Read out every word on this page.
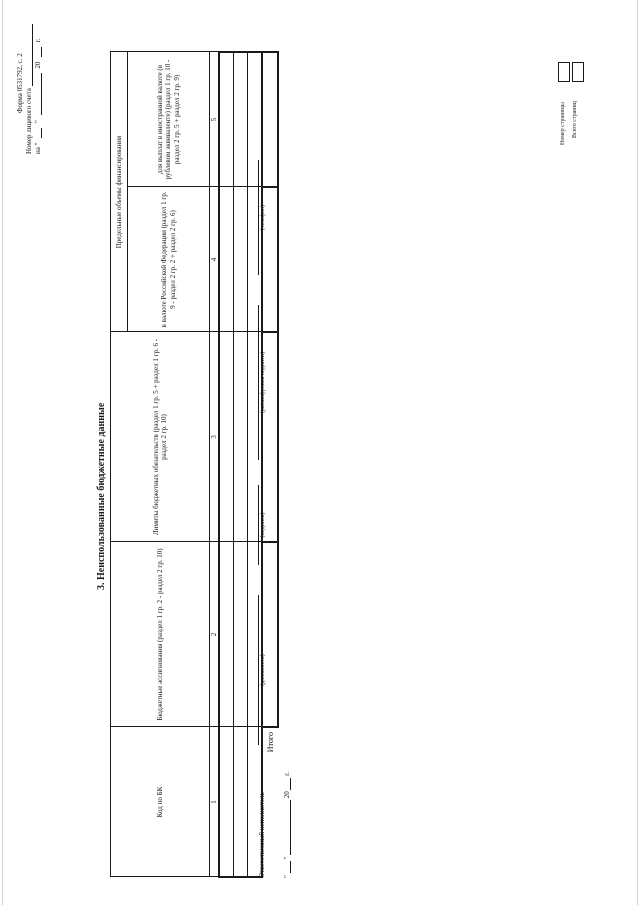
Форма 0531792, с. 2
Номер лицевого счета на "  "  20  г.
3. Неиспользованные бюджетные данные
Код по БК	Бюджетные ассигнования (раздел 1 гр. 2 - раздел 2 гр. 10)	Лимиты бюджетных обязательств (раздел 1 гр. 5 + раздел 1 гр. 6 - раздел 2 гр. 10)	Предельные объемы финансирования	
			в валюте Российской Федерации (раздел 1 гр. 9 - раздел 2 гр. 2 + раздел 2 гр. 6)	для выплат в иностранной валюте (в рублевом эквиваленте) (раздел 1 гр. 10 - раздел 2 гр. 5 + раздел 2 гр. 9)
1	2	3	4	5

Итого				
Ответственный исполнитель
(должность)
(подпись)
(расшифровка подписи)
(телефон)
"  "  20  г.
Номер страницы Всего страниц
